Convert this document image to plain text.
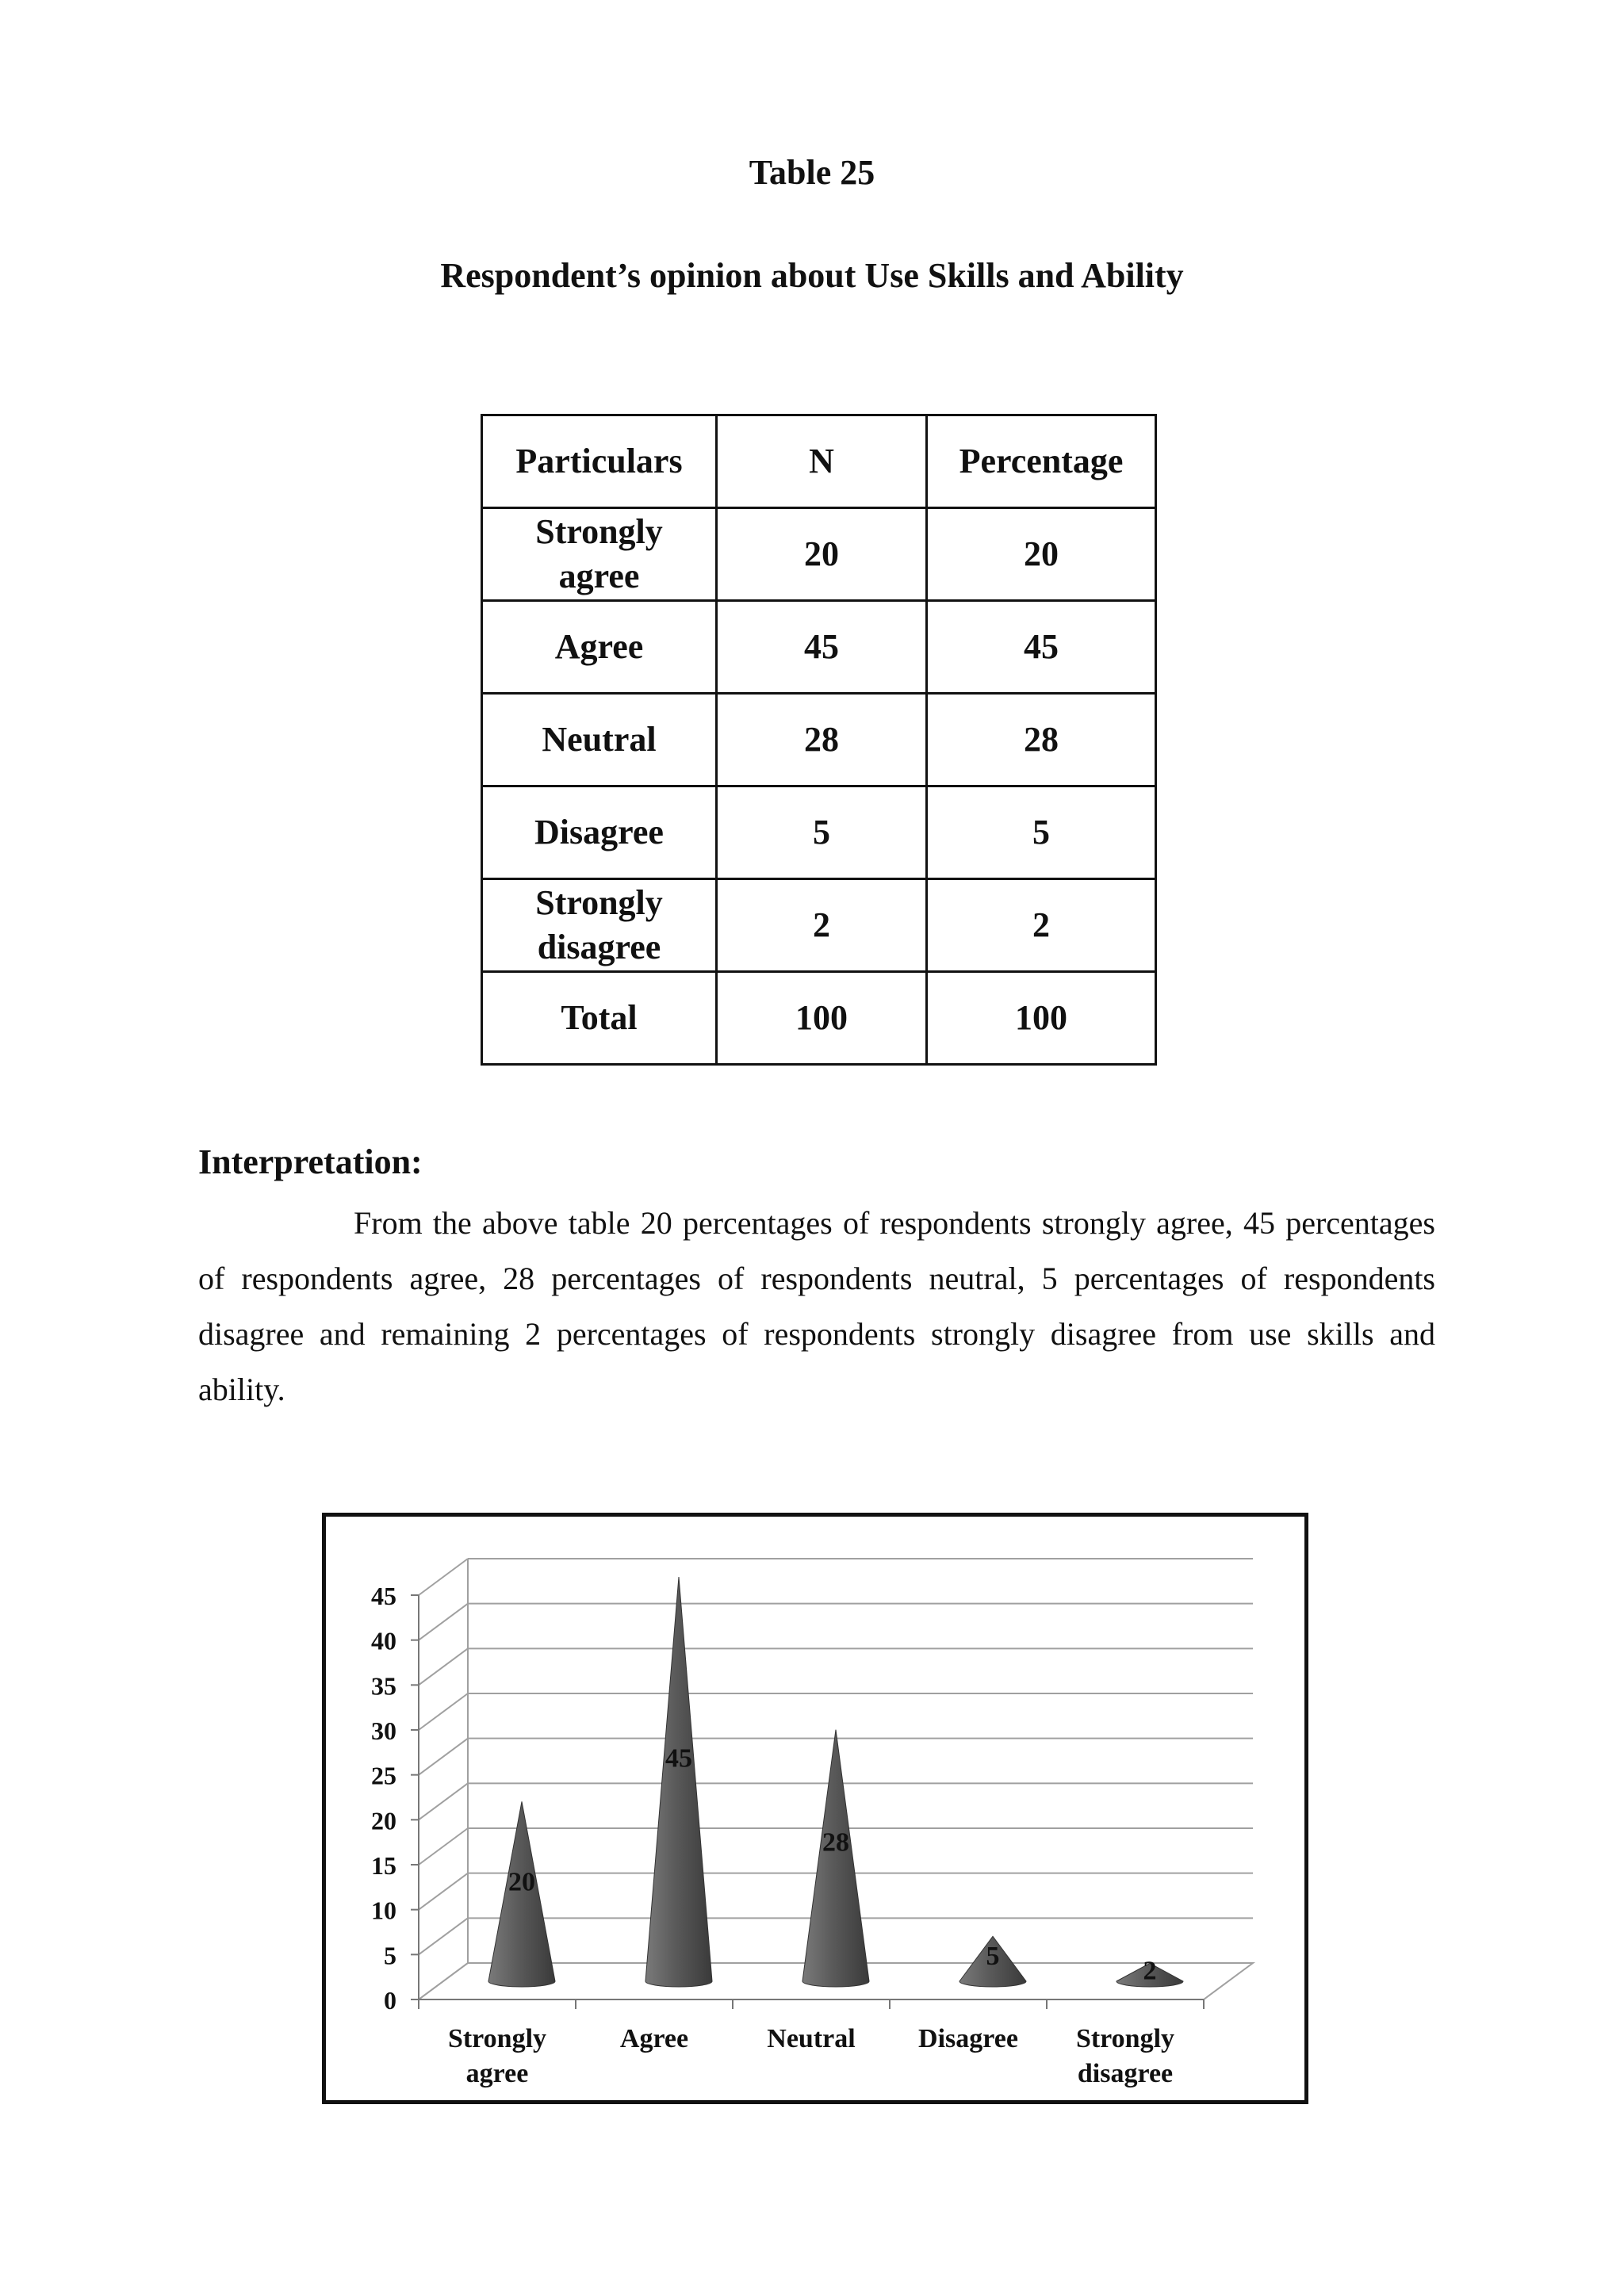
Table 25
Respondent’s opinion about Use Skills and Ability
Particulars	N	Percentage
Strongly agree	20	20
Agree	45	45
Neutral	28	28
Disagree	5	5
Strongly disagree	2	2
Total	100	100
Interpretation:
From the above table 20 percentages of respondents strongly agree, 45 percentages of respondents agree, 28 percentages of respondents neutral, 5 percentages of respondents disagree and remaining 2 percentages of respondents strongly disagree from use skills and ability.
0
5
10
15
20
25
30
35
40
45
20
45
28
5
2
Strongly agree
Agree	Neutral Disagree Strongly disagree
